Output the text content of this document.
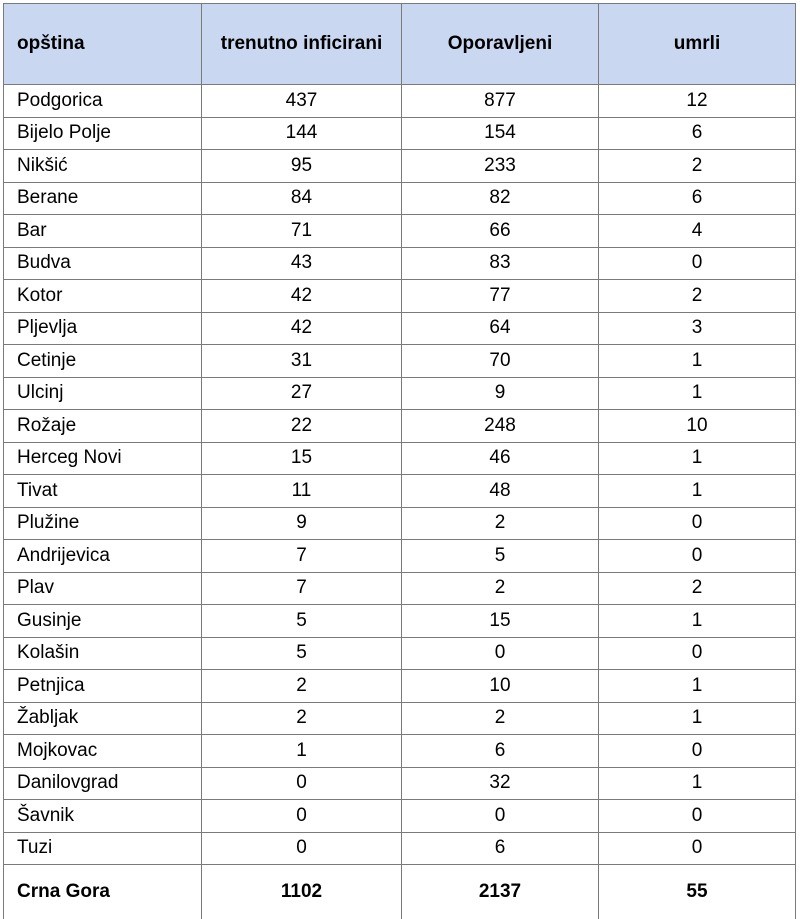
opština	trenutno inficirani	Oporavljeni	umrli
Podgorica	437	877	12
Bijelo Polje	144	154	6
Nikšić	95	233	2
Berane	84	82	6
Bar	71	66	4
Budva	43	83	0
Kotor	42	77	2
Pljevlja	42	64	3
Cetinje	31	70	1
Ulcinj	27	9	1
Rožaje	22	248	10
Herceg Novi	15	46	1
Tivat	11	48	1
Plužine	9	2	0
Andrijevica	7	5	0
Plav	7	2	2
Gusinje	5	15	1
Kolašin	5	0	0
Petnjica	2	10	1
Žabljak	2	2	1
Mojkovac	1	6	0
Danilovgrad	0	32	1
Šavnik	0	0	0
Tuzi	0	6	0
Crna Gora	1102	2137	55
